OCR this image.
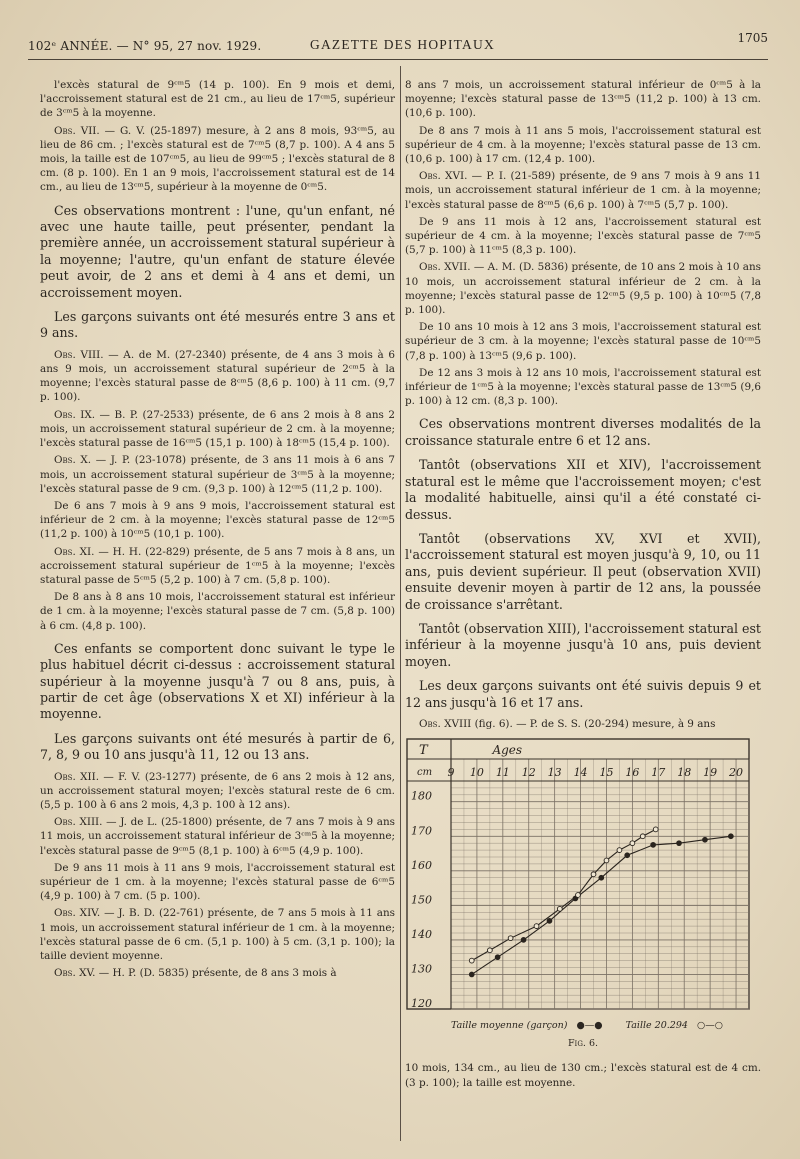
102ᵉ ANNÉE. — N° 95, 27 nov. 1929.	GAZETTE DES HOPITAUX	1705

l'excès statural de 9ᶜᵐ5 (14 p. 100). En 9 mois et demi, l'accroissement statural est de 21 cm., au lieu de 17ᶜᵐ5, supérieur de 3ᶜᵐ5 à la moyenne.

Obs. VII. — G. V. (25-1897) mesure, à 2 ans 8 mois, 93ᶜᵐ5, au lieu de 86 cm. ; l'excès statural est de 7ᶜᵐ5 (8,7 p. 100). A 4 ans 5 mois, la taille est de 107ᶜᵐ5, au lieu de 99ᶜᵐ5 ; l'excès statural de 8 cm. (8 p. 100). En 1 an 9 mois, l'accroissement statural est de 14 cm., au lieu de 13ᶜᵐ5, supérieur à la moyenne de 0ᶜᵐ5.

Ces observations montrent : l'une, qu'un enfant, né avec une haute taille, peut présenter, pendant la première année, un accroissement statural supérieur à la moyenne; l'autre, qu'un enfant de stature élevée peut avoir, de 2 ans et demi à 4 ans et demi, un accroissement moyen.

Les garçons suivants ont été mesurés entre 3 ans et 9 ans.

Obs. VIII. — A. de M. (27-2340) présente, de 4 ans 3 mois à 6 ans 9 mois, un accroissement statural supérieur de 2ᶜᵐ5 à la moyenne; l'excès statural passe de 8ᶜᵐ5 (8,6 p. 100) à 11 cm. (9,7 p. 100).

Obs. IX. — B. P. (27-2533) présente, de 6 ans 2 mois à 8 ans 2 mois, un accroissement statural supérieur de 2 cm. à la moyenne; l'excès statural passe de 16ᶜᵐ5 (15,1 p. 100) à 18ᶜᵐ5 (15,4 p. 100).

Obs. X. — J. P. (23-1078) présente, de 3 ans 11 mois à 6 ans 7 mois, un accroissement statural supérieur de 3ᶜᵐ5 à la moyenne; l'excès statural passe de 9 cm. (9,3 p. 100) à 12ᶜᵐ5 (11,2 p. 100).

De 6 ans 7 mois à 9 ans 9 mois, l'accroissement statural est inférieur de 2 cm. à la moyenne; l'excès statural passe de 12ᶜᵐ5 (11,2 p. 100) à 10ᶜᵐ5 (10,1 p. 100).

Obs. XI. — H. H. (22-829) présente, de 5 ans 7 mois à 8 ans, un accroissement statural supérieur de 1ᶜᵐ5 à la moyenne; l'excès statural passe de 5ᶜᵐ5 (5,2 p. 100) à 7 cm. (5,8 p. 100).

De 8 ans à 8 ans 10 mois, l'accroissement statural est inférieur de 1 cm. à la moyenne; l'excès statural passe de 7 cm. (5,8 p. 100) à 6 cm. (4,8 p. 100).

Ces enfants se comportent donc suivant le type le plus habituel décrit ci-dessus : accroissement statural supérieur à la moyenne jusqu'à 7 ou 8 ans, puis, à partir de cet âge (observations X et XI) inférieur à la moyenne.

Les garçons suivants ont été mesurés à partir de 6, 7, 8, 9 ou 10 ans jusqu'à 11, 12 ou 13 ans.

Obs. XII. — F. V. (23-1277) présente, de 6 ans 2 mois à 12 ans, un accroissement statural moyen; l'excès statural reste de 6 cm. (5,5 p. 100 à 6 ans 2 mois, 4,3 p. 100 à 12 ans).

Obs. XIII. — J. de L. (25-1800) présente, de 7 ans 7 mois à 9 ans 11 mois, un accroissement statural inférieur de 3ᶜᵐ5 à la moyenne; l'excès statural passe de 9ᶜᵐ5 (8,1 p. 100) à 6ᶜᵐ5 (4,9 p. 100).

De 9 ans 11 mois à 11 ans 9 mois, l'accroissement statural est supérieur de 1 cm. à la moyenne; l'excès statural passe de 6ᶜᵐ5 (4,9 p. 100) à 7 cm. (5 p. 100).

Obs. XIV. — J. B. D. (22-761) présente, de 7 ans 5 mois à 11 ans 1 mois, un accroissement statural inférieur de 1 cm. à la moyenne; l'excès statural passe de 6 cm. (5,1 p. 100) à 5 cm. (3,1 p. 100); la taille devient moyenne.

Obs. XV. — H. P. (D. 5835) présente, de 8 ans 3 mois à

8 ans 7 mois, un accroissement statural inférieur de 0ᶜᵐ5 à la moyenne; l'excès statural passe de 13ᶜᵐ5 (11,2 p. 100) à 13 cm. (10,6 p. 100).

De 8 ans 7 mois à 11 ans 5 mois, l'accroissement statural est supérieur de 4 cm. à la moyenne; l'excès statural passe de 13 cm. (10,6 p. 100) à 17 cm. (12,4 p. 100).

Obs. XVI. — P. I. (21-589) présente, de 9 ans 7 mois à 9 ans 11 mois, un accroissement statural inférieur de 1 cm. à la moyenne; l'excès statural passe de 8ᶜᵐ5 (6,6 p. 100) à 7ᶜᵐ5 (5,7 p. 100).

De 9 ans 11 mois à 12 ans, l'accroissement statural est supérieur de 4 cm. à la moyenne; l'excès statural passe de 7ᶜᵐ5 (5,7 p. 100) à 11ᶜᵐ5 (8,3 p. 100).

Obs. XVII. — A. M. (D. 5836) présente, de 10 ans 2 mois à 10 ans 10 mois, un accroissement statural inférieur de 2 cm. à la moyenne; l'excès statural passe de 12ᶜᵐ5 (9,5 p. 100) à 10ᶜᵐ5 (7,8 p. 100).

De 10 ans 10 mois à 12 ans 3 mois, l'accroissement statural est supérieur de 3 cm. à la moyenne; l'excès statural passe de 10ᶜᵐ5 (7,8 p. 100) à 13ᶜᵐ5 (9,6 p. 100).

De 12 ans 3 mois à 12 ans 10 mois, l'accroissement statural est inférieur de 1ᶜᵐ5 à la moyenne; l'excès statural passe de 13ᶜᵐ5 (9,6 p. 100) à 12 cm. (8,3 p. 100).

Ces observations montrent diverses modalités de la croissance staturale entre 6 et 12 ans.

Tantôt (observations XII et XIV), l'accroissement statural est le même que l'accroissement moyen; c'est la modalité habituelle, ainsi qu'il a été constaté ci-dessus.

Tantôt (observations XV, XVI et XVII), l'accroissement statural est moyen jusqu'à 9, 10, ou 11 ans, puis devient supérieur. Il peut (observation XVII) ensuite devenir moyen à partir de 12 ans, la poussée de croissance s'arrêtant.

Tantôt (observation XIII), l'accroissement statural est inférieur à la moyenne jusqu'à 10 ans, puis devient moyen.

Les deux garçons suivants ont été suivis depuis 9 et 12 ans jusqu'à 16 et 17 ans.

Obs. XVIII (fig. 6). — P. de S. S. (20-294) mesure, à 9 ans

T
cm
Ages
9 10 11 12 13 14 15 16 17 18 19 20
180
170
160
150
140
130
120
Taille moyenne (garçon) ●—● Taille 20.294 ○—○
Fig. 6.

10 mois, 134 cm., au lieu de 130 cm.; l'excès statural est de 4 cm. (3 p. 100); la taille est moyenne.
